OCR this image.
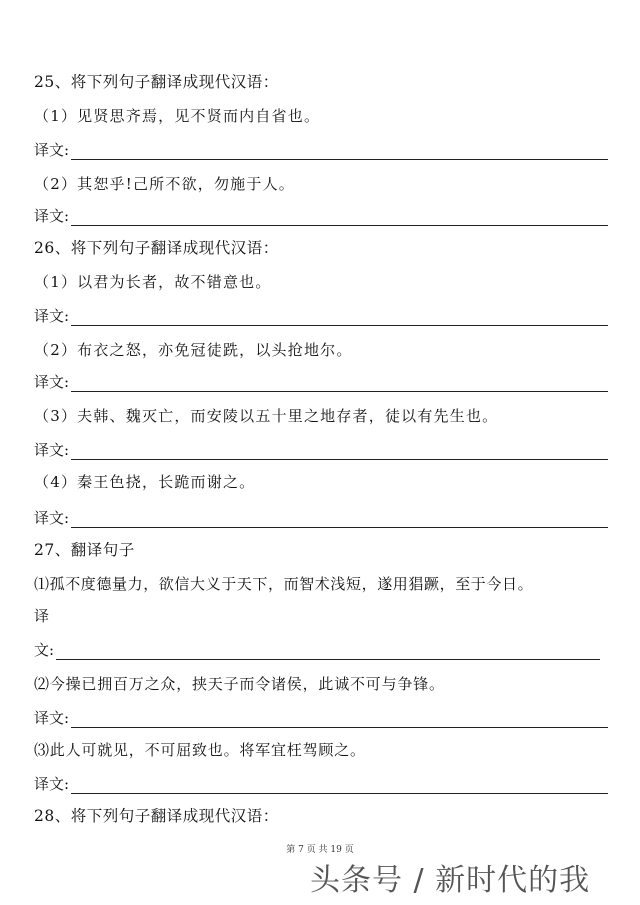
25、将下列句子翻译成现代汉语：
（1）见贤思齐焉，见不贤而内自省也。
译文:
（2）其恕乎!己所不欲，勿施于人。
译文:
26、将下列句子翻译成现代汉语：
（1）以君为长者，故不错意也。
译文:
（2）布衣之怒，亦免冠徒跣，以头抢地尔。
译文:
（3）夫韩、魏灭亡，而安陵以五十里之地存者，徒以有先生也。
译文:
（4）秦王色挠，长跪而谢之。
译文:
27、翻译句子
⑴孤不度德量力，欲信大义于天下，而智术浅短，遂用猖蹶，至于今日。
译
文:
⑵今操已拥百万之众，挟天子而令诸侯，此诚不可与争锋。
译文:
⑶此人可就见，不可屈致也。将军宜枉驾顾之。
译文:
28、将下列句子翻译成现代汉语：
第 7 页 共 19 页
头条号 / 新时代的我
